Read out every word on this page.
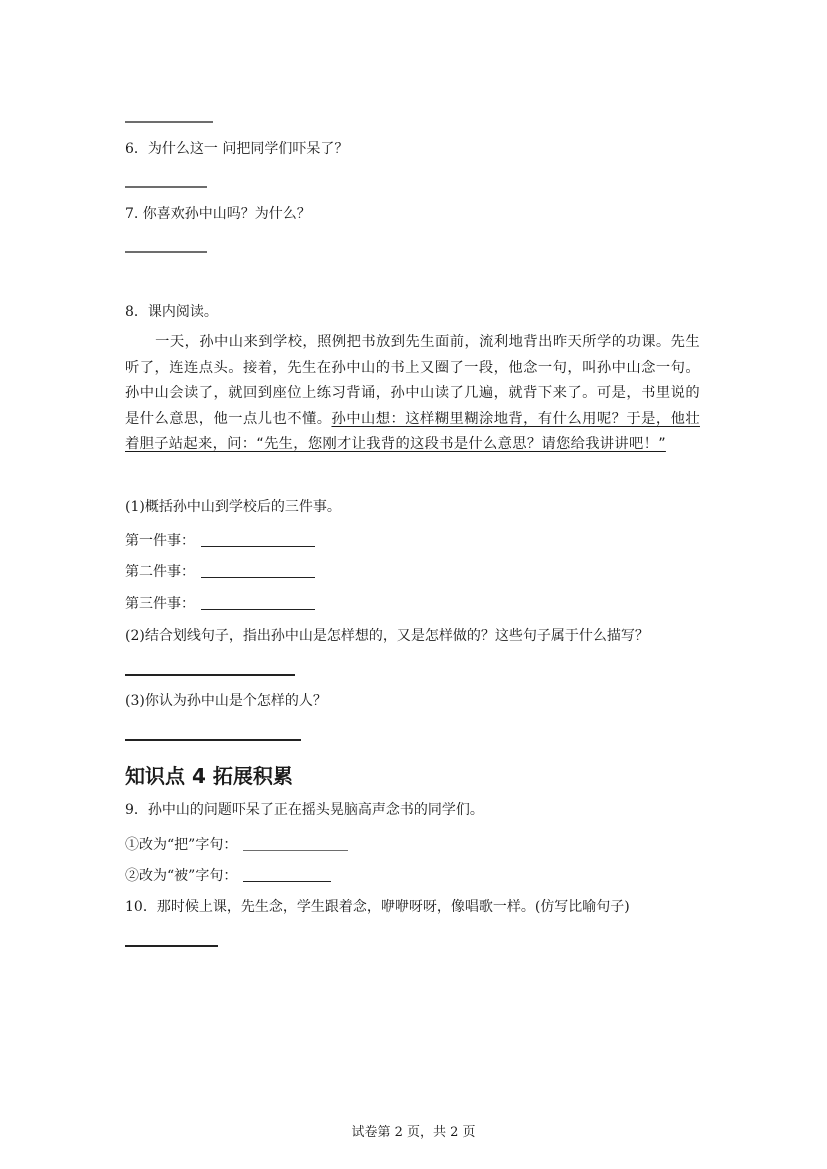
6．为什么这一 问把同学们吓呆了？
7. 你喜欢孙中山吗？为什么？
8．课内阅读。
一天，孙中山来到学校，照例把书放到先生面前，流利地背出昨天所学的功课。先生听了，连连点头。接着，先生在孙中山的书上又圈了一段，他念一句，叫孙中山念一句。孙中山会读了，就回到座位上练习背诵，孙中山读了几遍，就背下来了。可是，书里说的是什么意思，他一点儿也不懂。孙中山想：这样糊里糊涂地背，有什么用呢？于是，他壮着胆子站起来，问：“先生，您刚才让我背的这段书是什么意思？请您给我讲讲吧！”
(1)概括孙中山到学校后的三件事。
第一件事：
第二件事：
第三件事：
(2)结合划线句子，指出孙中山是怎样想的，又是怎样做的？这些句子属于什么描写？
(3)你认为孙中山是个怎样的人？
知识点 4 拓展积累
9．孙中山的问题吓呆了正在摇头晃脑高声念书的同学们。
①改为“把”字句：
②改为“被”字句：
10．那时候上课，先生念，学生跟着念，咿咿呀呀，像唱歌一样。(仿写比喻句子)
试卷第 2 页，共 2 页
